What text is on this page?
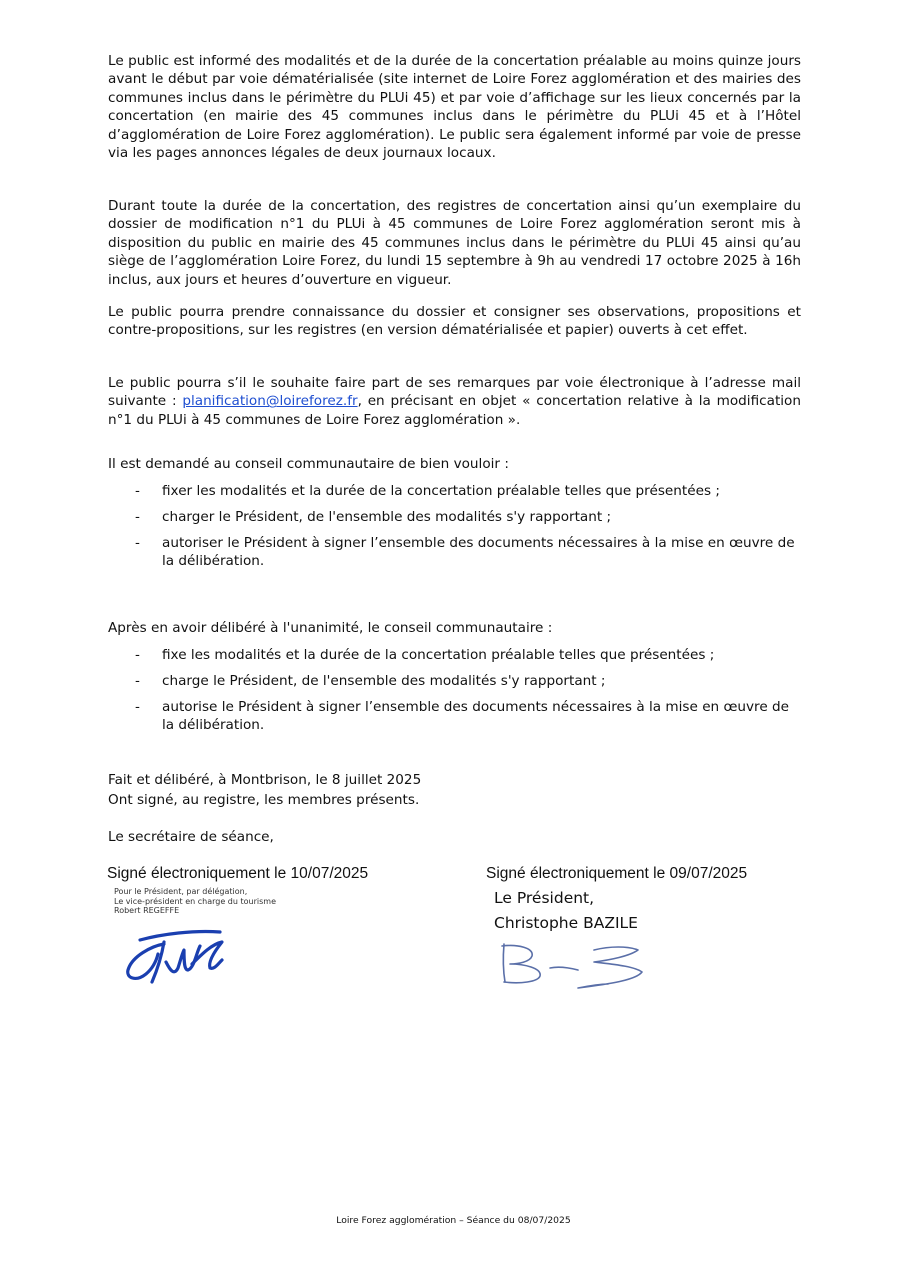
Le public est informé des modalités et de la durée de la concertation préalable au moins quinze jours avant le début par voie dématérialisée (site internet de Loire Forez agglomération et des mairies des communes inclus dans le périmètre du PLUi 45) et par voie d’affichage sur les lieux concernés par la concertation (en mairie des 45 communes inclus dans le périmètre du PLUi 45 et à l’Hôtel d’agglomération de Loire Forez agglomération). Le public sera également informé par voie de presse via les pages annonces légales de deux journaux locaux.

Durant toute la durée de la concertation, des registres de concertation ainsi qu’un exemplaire du dossier de modification n°1 du PLUi à 45 communes de Loire Forez agglomération seront mis à disposition du public en mairie des 45 communes inclus dans le périmètre du PLUi 45 ainsi qu’au siège de l’agglomération Loire Forez, du lundi 15 septembre à 9h au vendredi 17 octobre 2025 à 16h inclus, aux jours et heures d’ouverture en vigueur.

Le public pourra prendre connaissance du dossier et consigner ses observations, propositions et contre-propositions, sur les registres (en version dématérialisée et papier) ouverts à cet effet.

Le public pourra s’il le souhaite faire part de ses remarques par voie électronique à l’adresse mail suivante : planification@loireforez.fr, en précisant en objet « concertation relative à la modification n°1 du PLUi à 45 communes de Loire Forez agglomération ».

Il est demandé au conseil communautaire de bien vouloir :

- fixer les modalités et la durée de la concertation préalable telles que présentées ;
- charger le Président, de l'ensemble des modalités s'y rapportant ;
- autoriser le Président à signer l’ensemble des documents nécessaires à la mise en œuvre de la délibération.

Après en avoir délibéré à l'unanimité, le conseil communautaire :

- fixe les modalités et la durée de la concertation préalable telles que présentées ;
- charge le Président, de l'ensemble des modalités s'y rapportant ;
- autorise le Président à signer l’ensemble des documents nécessaires à la mise en œuvre de la délibération.

Fait et délibéré, à Montbrison, le 8 juillet 2025

Ont signé, au registre, les membres présents.

Le secrétaire de séance,

Signé électroniquement le 10/07/2025
Pour le Président, par délégation,
Le vice-président en charge du tourisme
Robert REGEFFE
Signé électroniquement le 09/07/2025
Le Président,
Christophe BAZILE
Loire Forez agglomération – Séance du 08/07/2025
